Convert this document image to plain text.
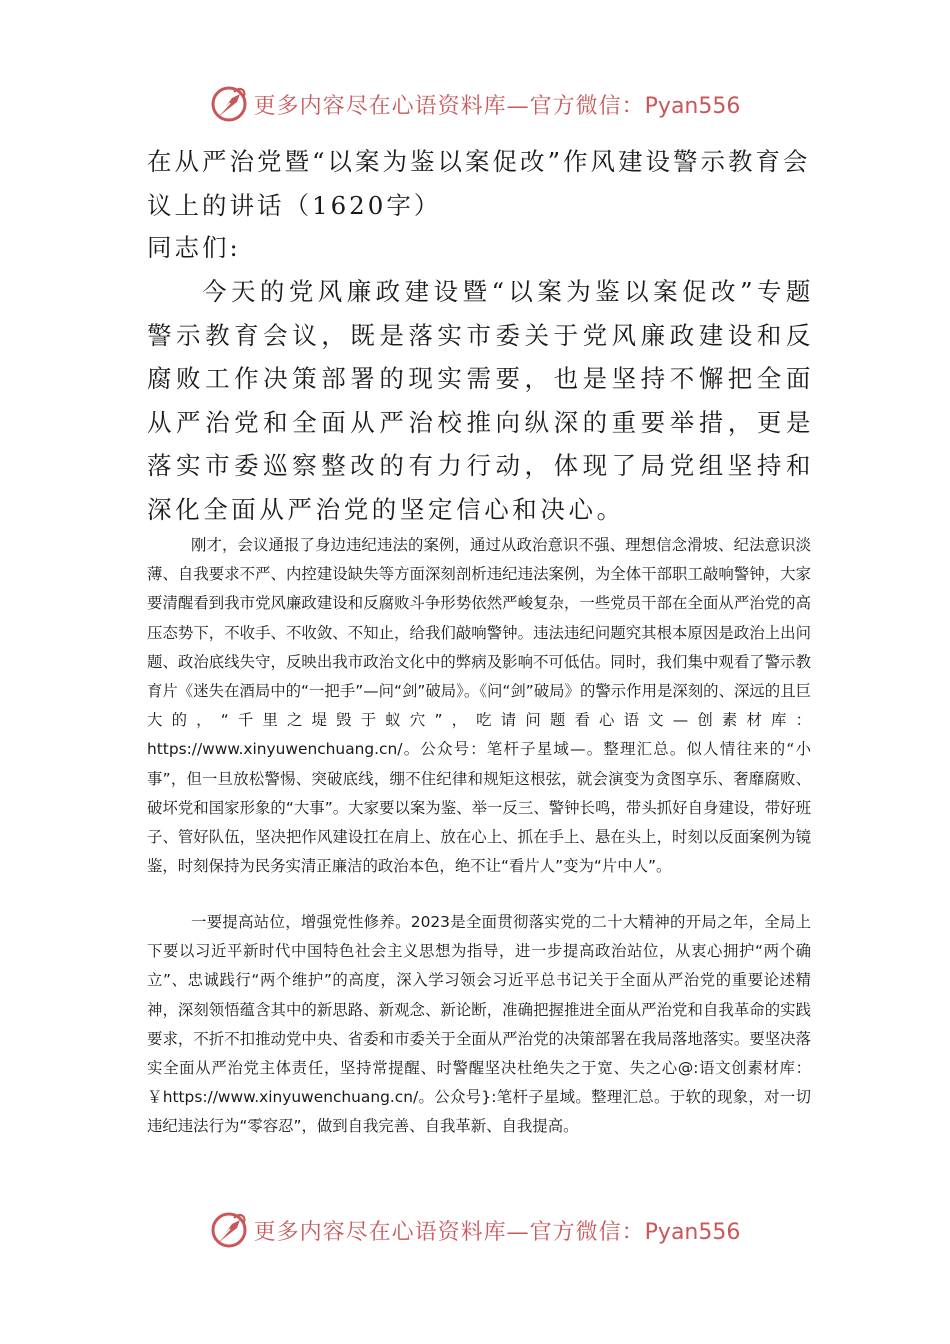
更多内容尽在心语资料库—官方微信：Pyan556
在从严治党暨“以案为鉴以案促改”作风建设警示教育会议上的讲话（1620字）

同志们:

今天的党风廉政建设暨“以案为鉴以案促改”专题警示教育会议，既是落实市委关于党风廉政建设和反腐败工作决策部署的现实需要，也是坚持不懈把全面从严治党和全面从严治校推向纵深的重要举措，更是落实市委巡察整改的有力行动，体现了局党组坚持和深化全面从严治党的坚定信心和决心。

刚才，会议通报了身边违纪违法的案例，通过从政治意识不强、理想信念滑坡、纪法意识淡薄、自我要求不严、内控建设缺失等方面深刻剖析违纪违法案例，为全体干部职工敲响警钟，大家要清醒看到我市党风廉政建设和反腐败斗争形势依然严峻复杂，一些党员干部在全面从严治党的高压态势下，不收手、不收敛、不知止，给我们敲响警钟。违法违纪问题究其根本原因是政治上出问题、政治底线失守，反映出我市政治文化中的弊病及影响不可低估。同时，我们集中观看了警示教育片《迷失在酒局中的“一把手”—问“剑”破局》。《问“剑”破局》的警示作用是深刻的、深远的且巨大的，“千里之堤毁于蚁穴”，吃请问题看心语文—创素材库：https://www.xinyuwenchuang.cn/。公众号：笔杆子星域—。整理汇总。似人情往来的“小事”，但一旦放松警惕、突破底线，绷不住纪律和规矩这根弦，就会演变为贪图享乐、奢靡腐败、破坏党和国家形象的“大事”。大家要以案为鉴、举一反三、警钟长鸣，带头抓好自身建设，带好班子、管好队伍，坚决把作风建设扛在肩上、放在心上、抓在手上、悬在头上，时刻以反面案例为镜鉴，时刻保持为民务实清正廉洁的政治本色，绝不让“看片人”变为“片中人”。

一要提高站位，增强党性修养。2023是全面贯彻落实党的二十大精神的开局之年，全局上下要以习近平新时代中国特色社会主义思想为指导，进一步提高政治站位，从衷心拥护“两个确立”、忠诚践行“两个维护”的高度，深入学习领会习近平总书记关于全面从严治党的重要论述精神，深刻领悟蕴含其中的新思路、新观念、新论断，准确把握推进全面从严治党和自我革命的实践要求，不折不扣推动党中央、省委和市委关于全面从严治党的决策部署在我局落地落实。要坚决落实全面从严治党主体责任，坚持常提醒、时警醒坚决杜绝失之于宽、失之心@:语文创素材库：￥https://www.xinyuwenchuang.cn/。公众号}:笔杆子星域。整理汇总。于软的现象，对一切违纪违法行为“零容忍”，做到自我完善、自我革新、自我提高。

更多内容尽在心语资料库—官方微信：Pyan556
